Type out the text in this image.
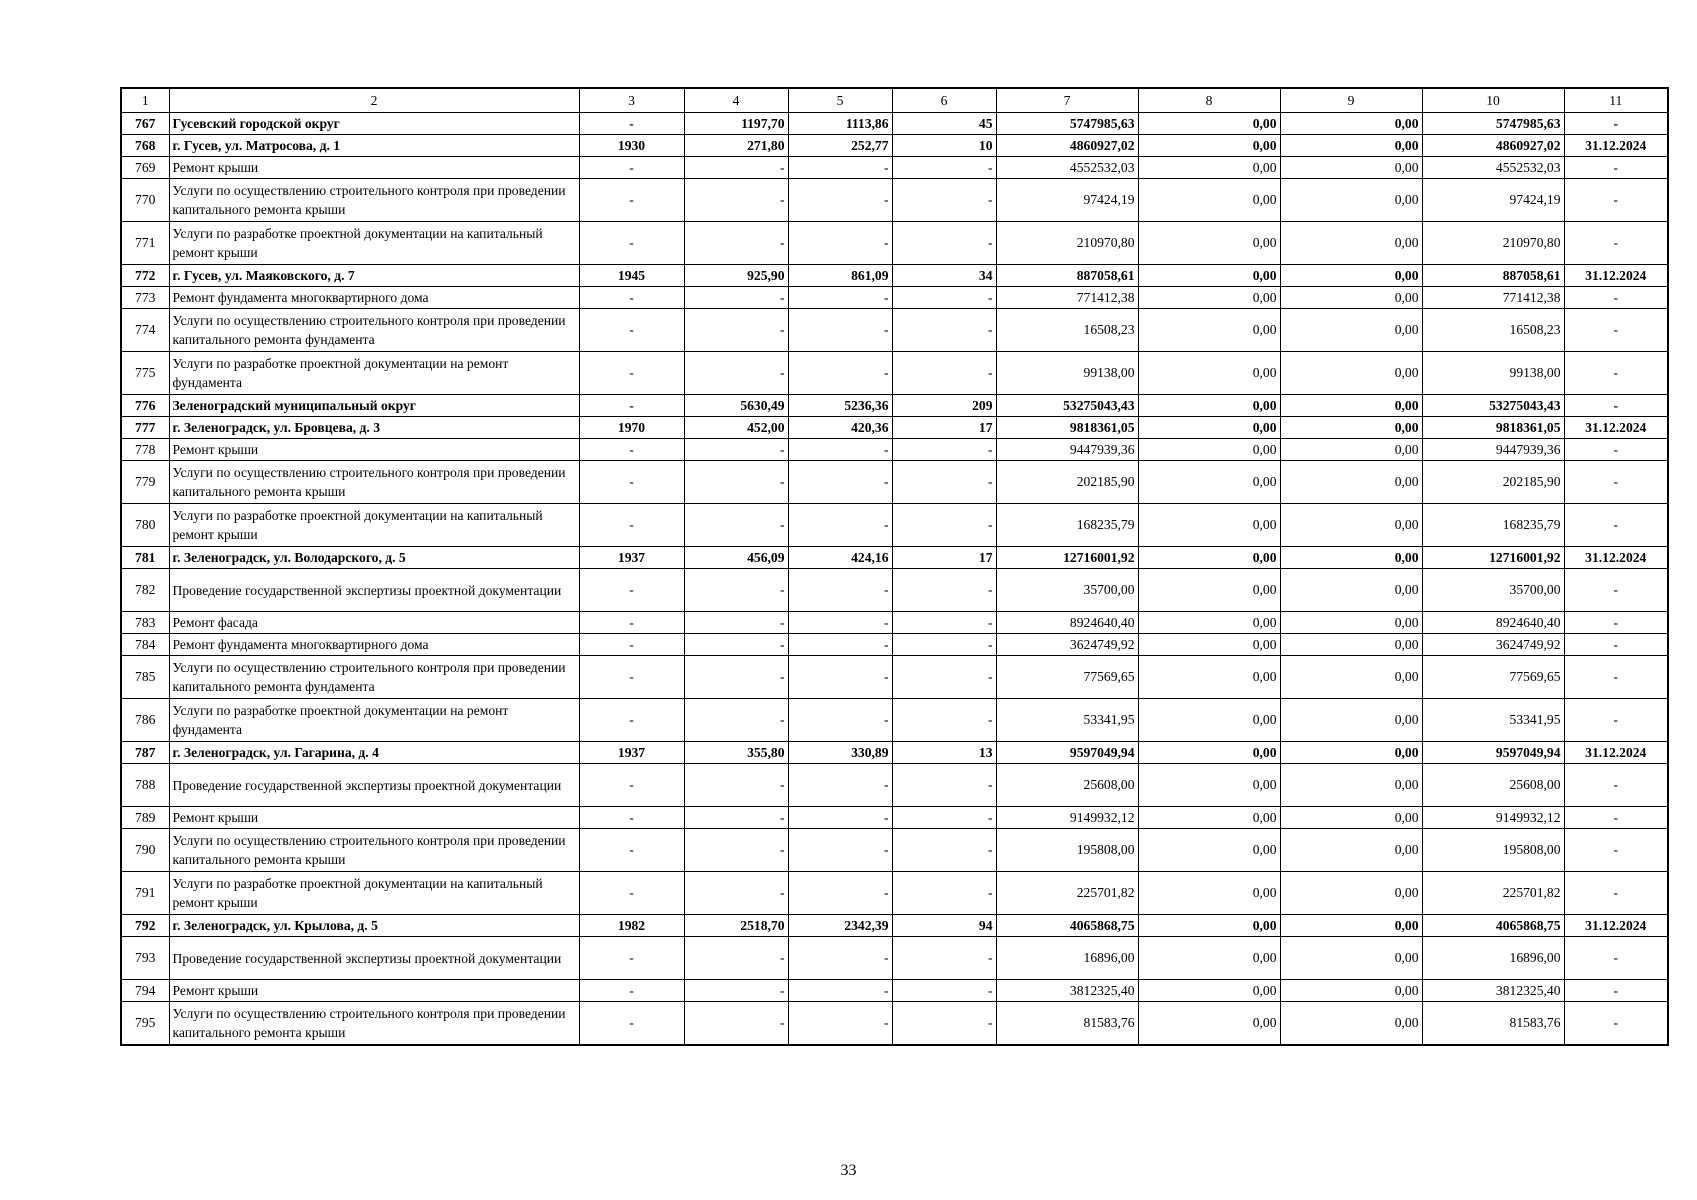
1	2	3	4	5	6	7	8	9	10	11
767	Гусевский городской округ	-	1197,70	1113,86	45	5747985,63	0,00	0,00	5747985,63	-
768	г. Гусев, ул. Матросова, д. 1	1930	271,80	252,77	10	4860927,02	0,00	0,00	4860927,02	31.12.2024
769	Ремонт крыши	-	-	-	-	4552532,03	0,00	0,00	4552532,03	-
770	Услуги по осуществлению строительного контроля при проведении капитального ремонта крыши	-	-	-	-	97424,19	0,00	0,00	97424,19	-
771	Услуги по разработке проектной документации на капитальный ремонт крыши	-	-	-	-	210970,80	0,00	0,00	210970,80	-
772	г. Гусев, ул. Маяковского, д. 7	1945	925,90	861,09	34	887058,61	0,00	0,00	887058,61	31.12.2024
773	Ремонт фундамента многоквартирного дома	-	-	-	-	771412,38	0,00	0,00	771412,38	-
774	Услуги по осуществлению строительного контроля при проведении капитального ремонта фундамента	-	-	-	-	16508,23	0,00	0,00	16508,23	-
775	Услуги по разработке проектной документации на ремонт фундамента	-	-	-	-	99138,00	0,00	0,00	99138,00	-
776	Зеленоградский муниципальный округ	-	5630,49	5236,36	209	53275043,43	0,00	0,00	53275043,43	-
777	г. Зеленоградск, ул. Бровцева, д. 3	1970	452,00	420,36	17	9818361,05	0,00	0,00	9818361,05	31.12.2024
778	Ремонт крыши	-	-	-	-	9447939,36	0,00	0,00	9447939,36	-
779	Услуги по осуществлению строительного контроля при проведении капитального ремонта крыши	-	-	-	-	202185,90	0,00	0,00	202185,90	-
780	Услуги по разработке проектной документации на капитальный ремонт крыши	-	-	-	-	168235,79	0,00	0,00	168235,79	-
781	г. Зеленоградск, ул. Володарского, д. 5	1937	456,09	424,16	17	12716001,92	0,00	0,00	12716001,92	31.12.2024
782	Проведение государственной экспертизы проектной документации	-	-	-	-	35700,00	0,00	0,00	35700,00	-
783	Ремонт фасада	-	-	-	-	8924640,40	0,00	0,00	8924640,40	-
784	Ремонт фундамента многоквартирного дома	-	-	-	-	3624749,92	0,00	0,00	3624749,92	-
785	Услуги по осуществлению строительного контроля при проведении капитального ремонта фундамента	-	-	-	-	77569,65	0,00	0,00	77569,65	-
786	Услуги по разработке проектной документации на ремонт фундамента	-	-	-	-	53341,95	0,00	0,00	53341,95	-
787	г. Зеленоградск, ул. Гагарина, д. 4	1937	355,80	330,89	13	9597049,94	0,00	0,00	9597049,94	31.12.2024
788	Проведение государственной экспертизы проектной документации	-	-	-	-	25608,00	0,00	0,00	25608,00	-
789	Ремонт крыши	-	-	-	-	9149932,12	0,00	0,00	9149932,12	-
790	Услуги по осуществлению строительного контроля при проведении капитального ремонта крыши	-	-	-	-	195808,00	0,00	0,00	195808,00	-
791	Услуги по разработке проектной документации на капитальный ремонт крыши	-	-	-	-	225701,82	0,00	0,00	225701,82	-
792	г. Зеленоградск, ул. Крылова, д. 5	1982	2518,70	2342,39	94	4065868,75	0,00	0,00	4065868,75	31.12.2024
793	Проведение государственной экспертизы проектной документации	-	-	-	-	16896,00	0,00	0,00	16896,00	-
794	Ремонт крыши	-	-	-	-	3812325,40	0,00	0,00	3812325,40	-
795	Услуги по осуществлению строительного контроля при проведении капитального ремонта крыши	-	-	-	-	81583,76	0,00	0,00	81583,76	-
33
